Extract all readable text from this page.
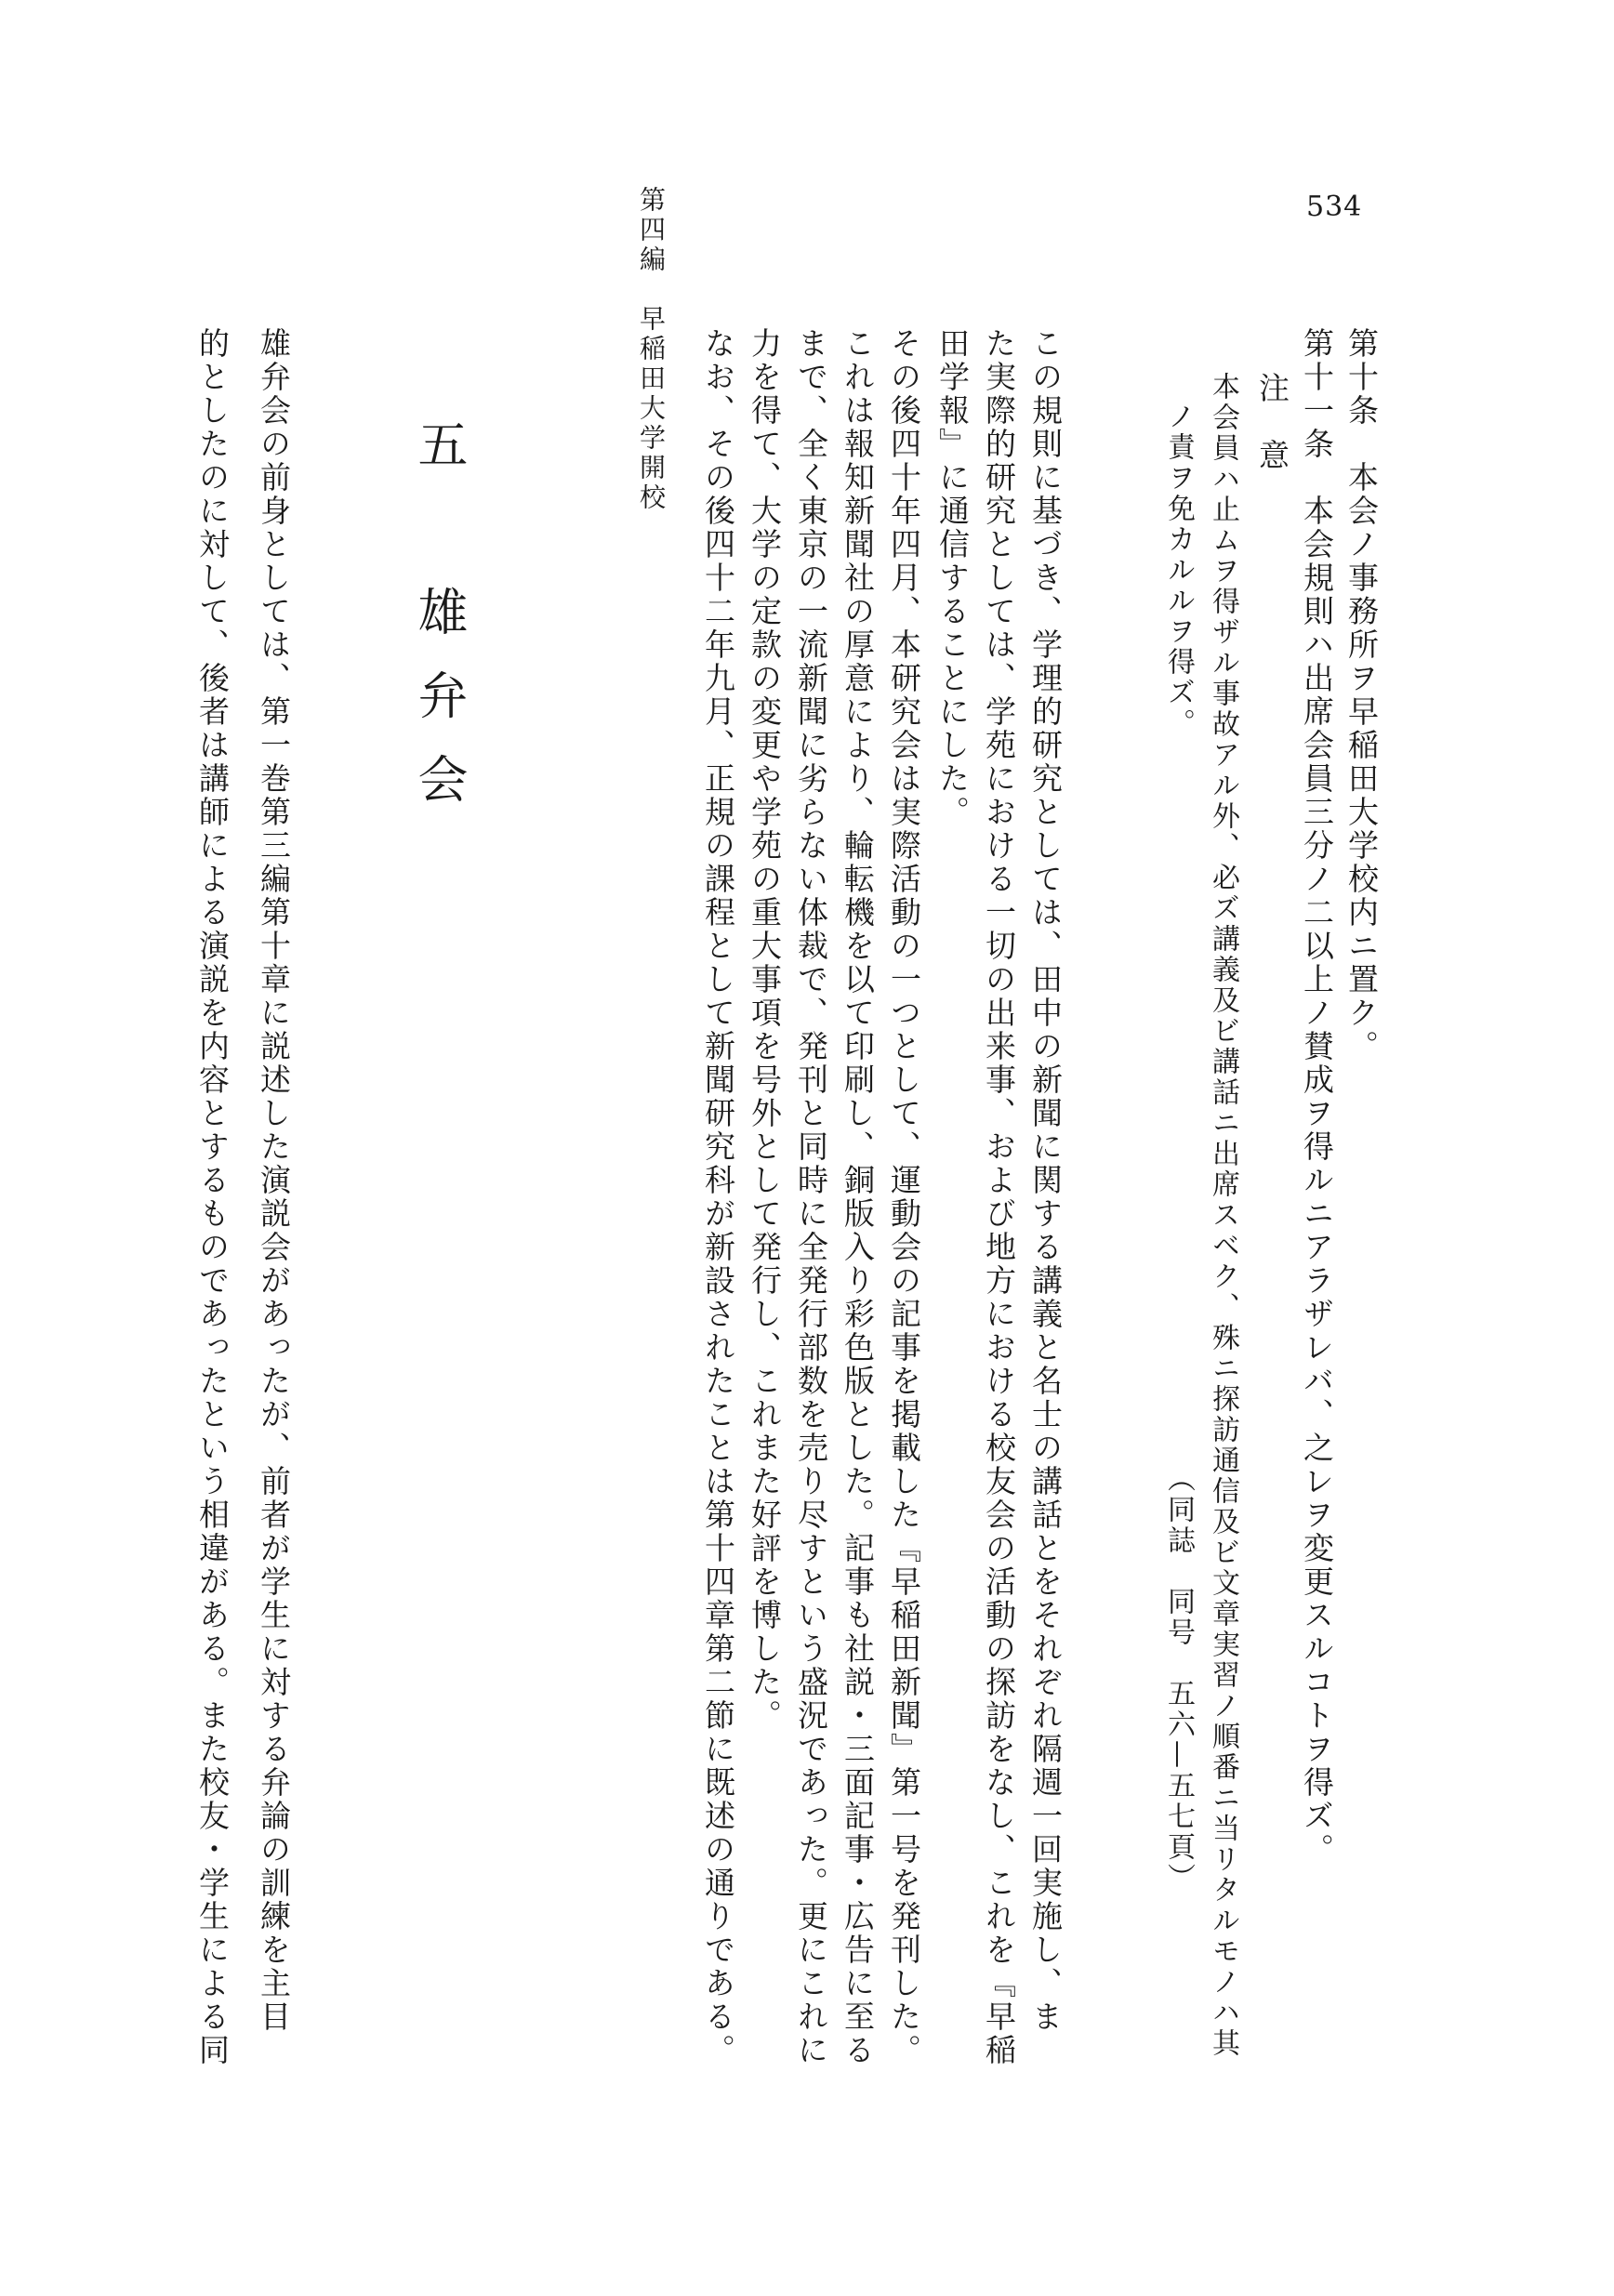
534
第四編　早稲田大学開校	第十条　本会ノ事務所ヲ早稲田大学校内ニ置ク。
第十一条　本会規則ハ出席会員三分ノ二以上ノ賛成ヲ得ルニアラザレバ、之レヲ変更スルコトヲ得ズ。
注　意
本会員ハ止ムヲ得ザル事故アル外、必ズ講義及ビ講話ニ出席スベク、殊ニ探訪通信及ビ文章実習ノ順番ニ当リタルモノハ其
ノ責ヲ免カルルヲ得ズ。
（同誌　同号　五六—五七頁）
この規則に基づき、学理的研究としては、田中の新聞に関する講義と名士の講話とをそれぞれ隔週一回実施し、ま
た実際的研究としては、学苑における一切の出来事、および地方における校友会の活動の探訪をなし、これを『早稲
田学報』に通信することにした。
その後四十年四月、本研究会は実際活動の一つとして、運動会の記事を掲載した『早稲田新聞』第一号を発刊した。
これは報知新聞社の厚意により、輪転機を以て印刷し、銅版入り彩色版とした。記事も社説・三面記事・広告に至る
まで、全く東京の一流新聞に劣らない体裁で、発刊と同時に全発行部数を売り尽すという盛況であった。更にこれに
力を得て、大学の定款の変更や学苑の重大事項を号外として発行し、これまた好評を博した。
なお、その後四十二年九月、正規の課程として新聞研究科が新設されたことは第十四章第二節に既述の通りである。
五　雄弁会
雄弁会の前身としては、第一巻第三編第十章に説述した演説会があったが、前者が学生に対する弁論の訓練を主目
的としたのに対して、後者は講師による演説を内容とするものであったという相違がある。また校友・学生による同
